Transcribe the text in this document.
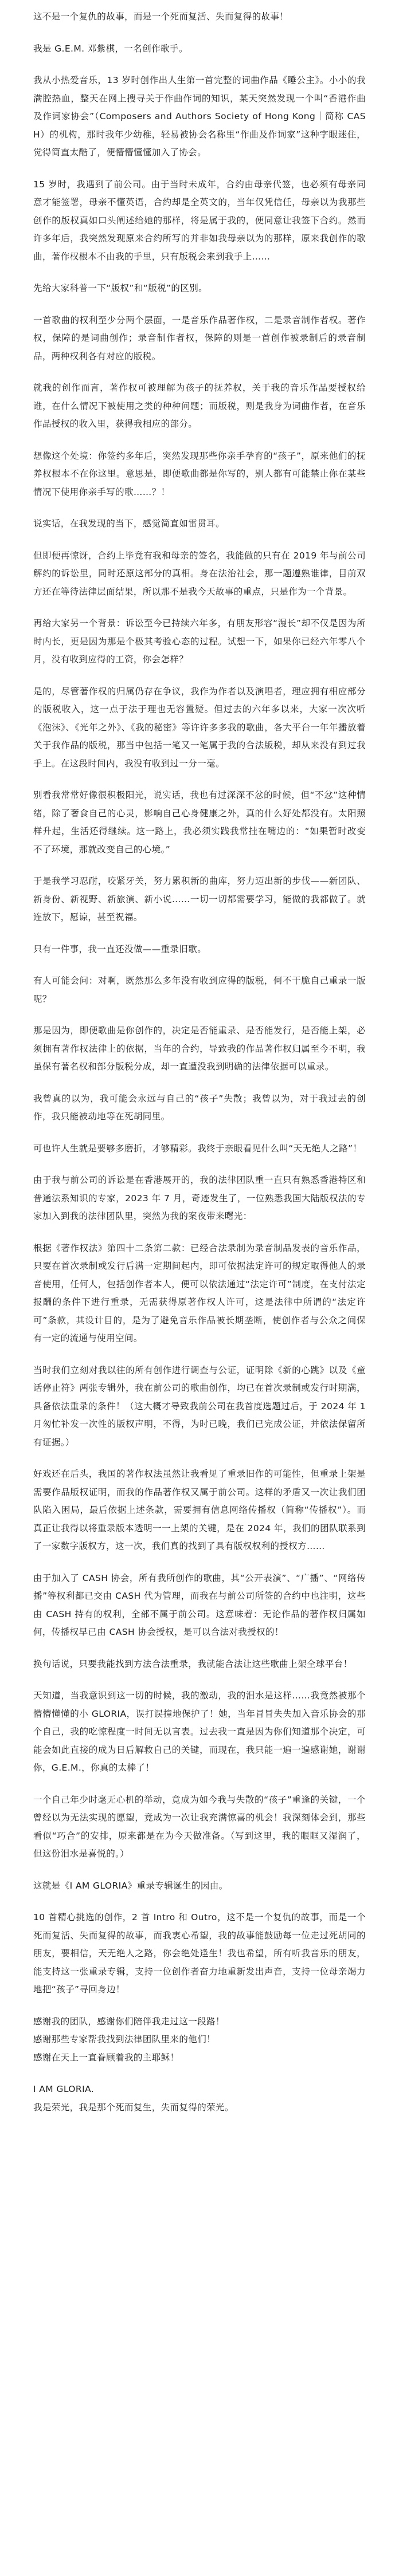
这不是一个复仇的故事，而是一个死而复活、失而复得的故事！

我是 G.E.M. 邓紫棋，一名创作歌手。

我从小热爱音乐，13 岁时创作出人生第一首完整的词曲作品《睡公主》。小小的我满腔热血，整天在网上搜寻关于作曲作词的知识，某天突然发现一个叫“香港作曲及作词家协会”（Composers and Authors Society of Hong Kong｜简称 CASH）的机构，那时我年少幼稚，轻易被协会名称里“作曲及作词家”这种字眼迷住，觉得简直太酷了，便懵懵懂懂加入了协会。

15 岁时，我遇到了前公司。由于当时未成年，合约由母亲代签，也必须有母亲同意才能签署，母亲不懂英语，合约却是全英文的，当年仅凭信任，母亲以为我那些创作的版权真如口头阐述给她的那样，将是属于我的，便同意让我签下合约。然而许多年后，我突然发现原来合约所写的并非如我母亲以为的那样，原来我创作的歌曲，著作权根本不由我的手里，只有版税会来到我手上……

先给大家科普一下“版权”和“版税”的区别。

一首歌曲的权利至少分两个层面，一是音乐作品著作权，二是录音制作者权。著作权，保障的是词曲创作；录音制作者权，保障的则是一首创作被录制后的录音制品，两种权利各有对应的版税。

就我的创作而言，著作权可被理解为孩子的抚养权，关于我的音乐作品要授权给谁，在什么情况下被使用之类的种种问题；而版税，则是我身为词曲作者，在音乐作品授权的收入里，获得我相应的部分。

想像这个处境：你签约多年后，突然发现那些你亲手孕育的“孩子”，原来他们的抚养权根本不在你这里。意思是，即便歌曲都是你写的，别人都有可能禁止你在某些情况下使用你亲手写的歌……？！

说实话，在我发现的当下，感觉简直如雷贯耳。

但即便再惊讶，合约上毕竟有我和母亲的签名，我能做的只有在 2019 年与前公司解约的诉讼里，同时还原这部分的真相。身在法治社会，那一题遵熟谁律，目前双方还在等待法律层面结果，所以那不是我今天故事的重点，只是作为一个背景。

再给大家另一个背景：诉讼至今已持续六年多，有朋友形容“漫长”却不仅是因为所时内长，更是因为那是个极其考验心态的过程。试想一下，如果你已经六年零八个月，没有收到应得的工资，你会怎样？

是的，尽管著作权的归属仍存在争议，我作为作者以及演唱者，理应拥有相应部分的版税收入，这一点于法于理也无容置疑。但过去的六年多以来，大家一次次听《泡沫》、《光年之外》、《我的秘密》等许许多多我的歌曲，各大平台一年年播放着关于我作品的版税，那当中包括一笔又一笔属于我的合法版税，却从来没有到过我手上。在这段时间内，我没有收到过一分一毫。

别看我常常好像很积极阳光，说实话，我也有过深深不忿的时候，但“不忿”这种情绪，除了奢食自己的心灵，影响自己心身健康之外，真的什么好处都没有。太阳照样升起，生活还得继续。这一路上，我必须实践我常挂在嘴边的：“如果暂时改变不了环境，那就改变自己的心境。”

于是我学习忍耐，咬紧牙关，努力累积新的曲库，努力迈出新的步伐——新团队、新身份、新视野、新旅演、新小说……一切一切都需要学习，能做的我都做了。就连放下，愿谅，甚至祝福。

只有一件事，我一直还没做——重录旧歌。

有人可能会问：对啊，既然那么多年没有收到应得的版税，何不干脆自己重录一版呢？

那是因为，即便歌曲是你创作的，决定是否能重录、是否能发行，是否能上架，必须拥有著作权法律上的依据，当年的合约，导致我的作品著作权归属至今不明，我虽保有著名权和部分版税分成，却一直遭没我到明确的法律依据可以重录。

我曾真的以为，我可能会永远与自己的“孩子”失散；我曾以为，对于我过去的创作，我只能被动地等在死胡同里。

可也许人生就是要够多磨折，才够精彩。我终于亲眼看见什么叫“天无绝人之路”！

由于我与前公司的诉讼是在香港展开的，我的法律团队重一直只有熟悉香港特区和普通法系知识的专家，2023 年 7 月，奇迹发生了，一位熟悉我国大陆版权法的专家加入到我的法律团队里，突然为我的案夜带来曙光：

根据《著作权法》第四十二条第二款：已经合法录制为录音制品发表的音乐作品，只要在首次录制或发行后满一定期间起内，即可依据法定许可的规定取得他人的录音使用，任何人，包括创作者本人，便可以依法通过“法定许可”制度，在支付法定报酬的条件下进行重录，无需获得原著作权人许可，这是法律中所谓的“法定许可”条款，其设计目的，是为了避免音乐作品被长期垄断，使创作者与公众之间保有一定的流通与使用空间。

当时我们立刻对我以往的所有创作进行调查与公证，证明除《新的心跳》以及《童话停止符》两张专辑外，我在前公司的歌曲创作，均已在首次录制或发行时期满，具备依法重录的条件！（这大概才导致我前公司在我首度选题过后，于 2024 年 1 月匆忙补发一次性的版权声明，不得，为时已晚，我们已完成公证，并依法保留所有证据。）

好戏还在后头，我国的著作权法虽然让我看见了重录旧作的可能性，但重录上架是需要作品版权证明，而我的作品著作权又属于前公司。这样的矛盾又一次让我们团队陷入困局，最后依据上述条款，需要拥有信息网络传播权（简称“传播权”）。而真正让我得以将重录版本透明一一上架的关键，是在 2024 年，我们的团队联系到了一家数字版权方，这一次，我们真的找到了具有版权权利的授权方……

由于加入了 CASH 协会，所有我所创作的歌曲，其“公开表演”、“广播”、“网络传播”等权利都已交由 CASH 代为管理，而我在与前公司所签的合约中也注明，这些由 CASH 持有的权利，全部不属于前公司。这意味着：无论作品的著作权归属如何，传播权早已由 CASH 协会授权，是可以合法对我授权的！

换句话说，只要我能找到方法合法重录，我就能合法让这些歌曲上架全球平台！

天知道，当我意识到这一切的时候，我的激动，我的泪水是这样……我竟然被那个懵懵懂懂的小 GLORIA，误打误撞地保护了！她，当年冒冒失失加入音乐协会的那个自己，我的吃惊程度一时间无以言表。过去我一直是因为你们知道那个决定，可能会如此直接的成为日后解救自己的关键，而现在，我只能一遍一遍感谢她，谢谢你，G.E.M.，你真的太棒了！

一个自己年少时毫无心机的举动，竟成为如今我与失散的“孩子”重逢的关键，一个曾经以为无法实现的愿望，竟成为一次让我充满惊喜的机会！我深刻体会到，那些看似“巧合”的安排，原来都是在为今天做准备。（写到这里，我的眼眶又湿润了，但这份泪水是喜悦的。）

这就是《I AM GLORIA》重录专辑诞生的因由。

10 首精心挑选的创作，2 首 Intro 和 Outro，这不是一个复仇的故事，而是一个死而复活、失而复得的故事，而我衷心希望，我的故事能鼓励每一位走过死胡同的朋友，要相信，天无绝人之路，你会绝处逢生！我也希望，所有听我音乐的朋友，能支持这一张重录专辑，支持一位创作者奋力地重新发出声音，支持一位母亲竭力地把“孩子”寻回身边！

感谢我的团队，感谢你们陪伴我走过这一段路！
感谢那些专家帮我找到法律团队里来的他们！
感谢在天上一直眷顾着我的主耶稣！

I AM GLORIA.
我是荣光，我是那个死而复生，失而复得的荣光。
